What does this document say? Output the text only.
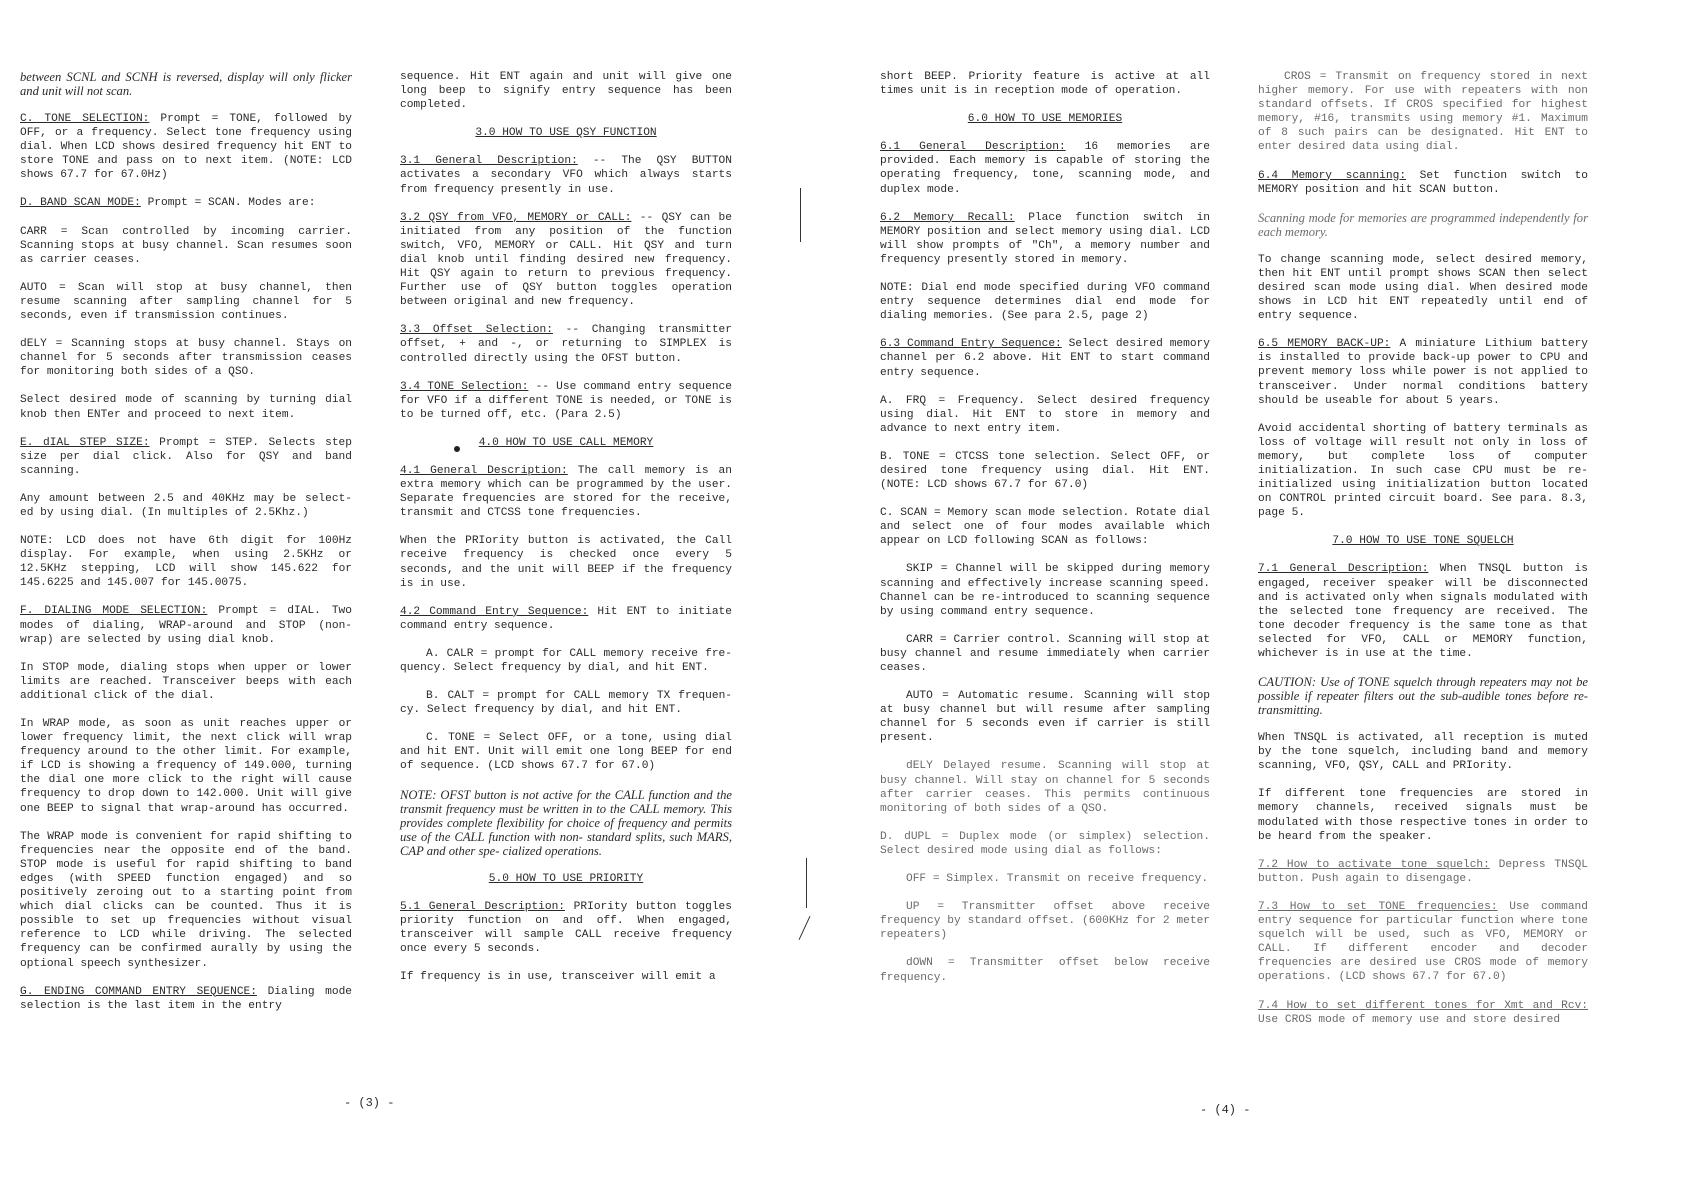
between SCNL and SCNH is reversed, display will only flicker and unit will not scan.

C. TONE SELECTION: Prompt = TONE, followed by OFF, or a frequency. Select tone frequency using dial. When LCD shows desired frequency hit ENT to store TONE and pass on to next item. (NOTE: LCD shows 67.7 for 67.0Hz)

D. BAND SCAN MODE: Prompt = SCAN. Modes are:

CARR = Scan controlled by incoming carrier. Scanning stops at busy channel. Scan resumes soon as carrier ceases.

AUTO = Scan will stop at busy channel, then resume scanning after sampling channel for 5 seconds, even if transmission continues.

dELY = Scanning stops at busy channel. Stays on channel for 5 seconds after transmission ceases for monitoring both sides of a QSO.

Select desired mode of scanning by turning dial knob then ENTer and proceed to next item.

E. dIAL STEP SIZE: Prompt = STEP. Selects step size per dial click. Also for QSY and band scanning.

Any amount between 2.5 and 40KHz may be select- ed by using dial. (In multiples of 2.5Khz.)

NOTE: LCD does not have 6th digit for 100Hz display. For example, when using 2.5KHz or 12.5KHz stepping, LCD will show 145.622 for 145.6225 and 145.007 for 145.0075.

F. DIALING MODE SELECTION: Prompt = dIAL. Two modes of dialing, WRAP-around and STOP (non- wrap) are selected by using dial knob.

In STOP mode, dialing stops when upper or lower limits are reached. Transceiver beeps with each additional click of the dial.

In WRAP mode, as soon as unit reaches upper or lower frequency limit, the next click will wrap frequency around to the other limit. For example, if LCD is showing a frequency of 149.000, turning the dial one more click to the right will cause frequency to drop down to 142.000. Unit will give one BEEP to signal that wrap-around has occurred.

The WRAP mode is convenient for rapid shifting to frequencies near the opposite end of the band. STOP mode is useful for rapid shifting to band edges (with SPEED function engaged) and so positively zeroing out to a starting point from which dial clicks can be counted. Thus it is possible to set up frequencies without visual reference to LCD while driving. The selected frequency can be confirmed aurally by using the optional speech synthesizer.

G. ENDING COMMAND ENTRY SEQUENCE: Dialing mode selection is the last item in the entry

sequence. Hit ENT again and unit will give one long beep to signify entry sequence has been completed.

3.0 HOW TO USE QSY FUNCTION

3.1 General Description: -- The QSY BUTTON activates a secondary VFO which always starts from frequency presently in use.

3.2 QSY from VFO, MEMORY or CALL: -- QSY can be initiated from any position of the function switch, VFO, MEMORY or CALL. Hit QSY and turn dial knob until finding desired new frequency. Hit QSY again to return to previous frequency. Further use of QSY button toggles operation between original and new frequency.

3.3 Offset Selection: -- Changing transmitter offset, + and -, or returning to SIMPLEX is controlled directly using the OFST button.

3.4 TONE Selection: -- Use command entry sequence for VFO if a different TONE is needed, or TONE is to be turned off, etc. (Para 2.5)

4.0 HOW TO USE CALL MEMORY

4.1 General Description: The call memory is an extra memory which can be programmed by the user. Separate frequencies are stored for the receive, transmit and CTCSS tone frequencies.

When the PRIority button is activated, the Call receive frequency is checked once every 5 seconds, and the unit will BEEP if the frequency is in use.

4.2 Command Entry Sequence: Hit ENT to initiate command entry sequence.

A. CALR = prompt for CALL memory receive fre- quency. Select frequency by dial, and hit ENT.

B. CALT = prompt for CALL memory TX frequen- cy. Select frequency by dial, and hit ENT.

C. TONE = Select OFF, or a tone, using dial and hit ENT. Unit will emit one long BEEP for end of sequence. (LCD shows 67.7 for 67.0)

NOTE: OFST button is not active for the CALL function and the transmit frequency must be written in to the CALL memory. This provides complete flexibility for choice of frequency and permits use of the CALL function with non- standard splits, such MARS, CAP and other spe- cialized operations.

5.0 HOW TO USE PRIORITY

5.1 General Description: PRIority button toggles priority function on and off. When engaged, transceiver will sample CALL receive frequency once every 5 seconds.

If frequency is in use, transceiver will emit a

short BEEP. Priority feature is active at all times unit is in reception mode of operation.

6.0 HOW TO USE MEMORIES

6.1 General Description: 16 memories are provided. Each memory is capable of storing the operating frequency, tone, scanning mode, and duplex mode.

6.2 Memory Recall: Place function switch in MEMORY position and select memory using dial. LCD will show prompts of "Ch", a memory number and frequency presently stored in memory.

NOTE: Dial end mode specified during VFO command entry sequence determines dial end mode for dialing memories. (See para 2.5, page 2)

6.3 Command Entry Sequence: Select desired memory channel per 6.2 above. Hit ENT to start command entry sequence.

A. FRQ = Frequency. Select desired frequency using dial. Hit ENT to store in memory and advance to next entry item.

B. TONE = CTCSS tone selection. Select OFF, or desired tone frequency using dial. Hit ENT. (NOTE: LCD shows 67.7 for 67.0)

C. SCAN = Memory scan mode selection. Rotate dial and select one of four modes available which appear on LCD following SCAN as follows:

SKIP = Channel will be skipped during memory scanning and effectively increase scanning speed. Channel can be re-introduced to scanning sequence by using command entry sequence.

CARR = Carrier control. Scanning will stop at busy channel and resume immediately when carrier ceases.

AUTO = Automatic resume. Scanning will stop at busy channel but will resume after sampling channel for 5 seconds even if carrier is still present.

dELY Delayed resume. Scanning will stop at busy channel. Will stay on channel for 5 seconds after carrier ceases. This permits continuous monitoring of both sides of a QSO.

D. dUPL = Duplex mode (or simplex) selection. Select desired mode using dial as follows:

OFF = Simplex. Transmit on receive frequency.

UP = Transmitter offset above receive frequency by standard offset. (600KHz for 2 meter repeaters)

dOWN = Transmitter offset below receive frequency.

CROS = Transmit on frequency stored in next higher memory. For use with repeaters with non standard offsets. If CROS specified for highest memory, #16, transmits using memory #1. Maximum of 8 such pairs can be designated. Hit ENT to enter desired data using dial.

6.4 Memory scanning: Set function switch to MEMORY position and hit SCAN button.

Scanning mode for memories are programmed independently for each memory.

To change scanning mode, select desired memory, then hit ENT until prompt shows SCAN then select desired scan mode using dial. When desired mode shows in LCD hit ENT repeatedly until end of entry sequence.

6.5 MEMORY BACK-UP: A miniature Lithium battery is installed to provide back-up power to CPU and prevent memory loss while power is not applied to transceiver. Under normal conditions battery should be useable for about 5 years.

Avoid accidental shorting of battery terminals as loss of voltage will result not only in loss of memory, but complete loss of computer initialization. In such case CPU must be re-initialized using initialization button located on CONTROL printed circuit board. See para. 8.3, page 5.

7.0 HOW TO USE TONE SQUELCH

7.1 General Description: When TNSQL button is engaged, receiver speaker will be disconnected and is activated only when signals modulated with the selected tone frequency are received. The tone decoder frequency is the same tone as that selected for VFO, CALL or MEMORY function, whichever is in use at the time.

CAUTION: Use of TONE squelch through repeaters may not be possible if repeater filters out the sub-audible tones before re-transmitting.

When TNSQL is activated, all reception is muted by the tone squelch, including band and memory scanning, VFO, QSY, CALL and PRIority.

If different tone frequencies are stored in memory channels, received signals must be modulated with those respective tones in order to be heard from the speaker.

7.2 How to activate tone squelch: Depress TNSQL button. Push again to disengage.

7.3 How to set TONE frequencies: Use command entry sequence for particular function where tone squelch will be used, such as VFO, MEMORY or CALL. If different encoder and decoder frequencies are desired use CROS mode of memory operations. (LCD shows 67.7 for 67.0)

7.4 How to set different tones for Xmt and Rcv: Use CROS mode of memory use and store desired

- (3) -	- (4) -
